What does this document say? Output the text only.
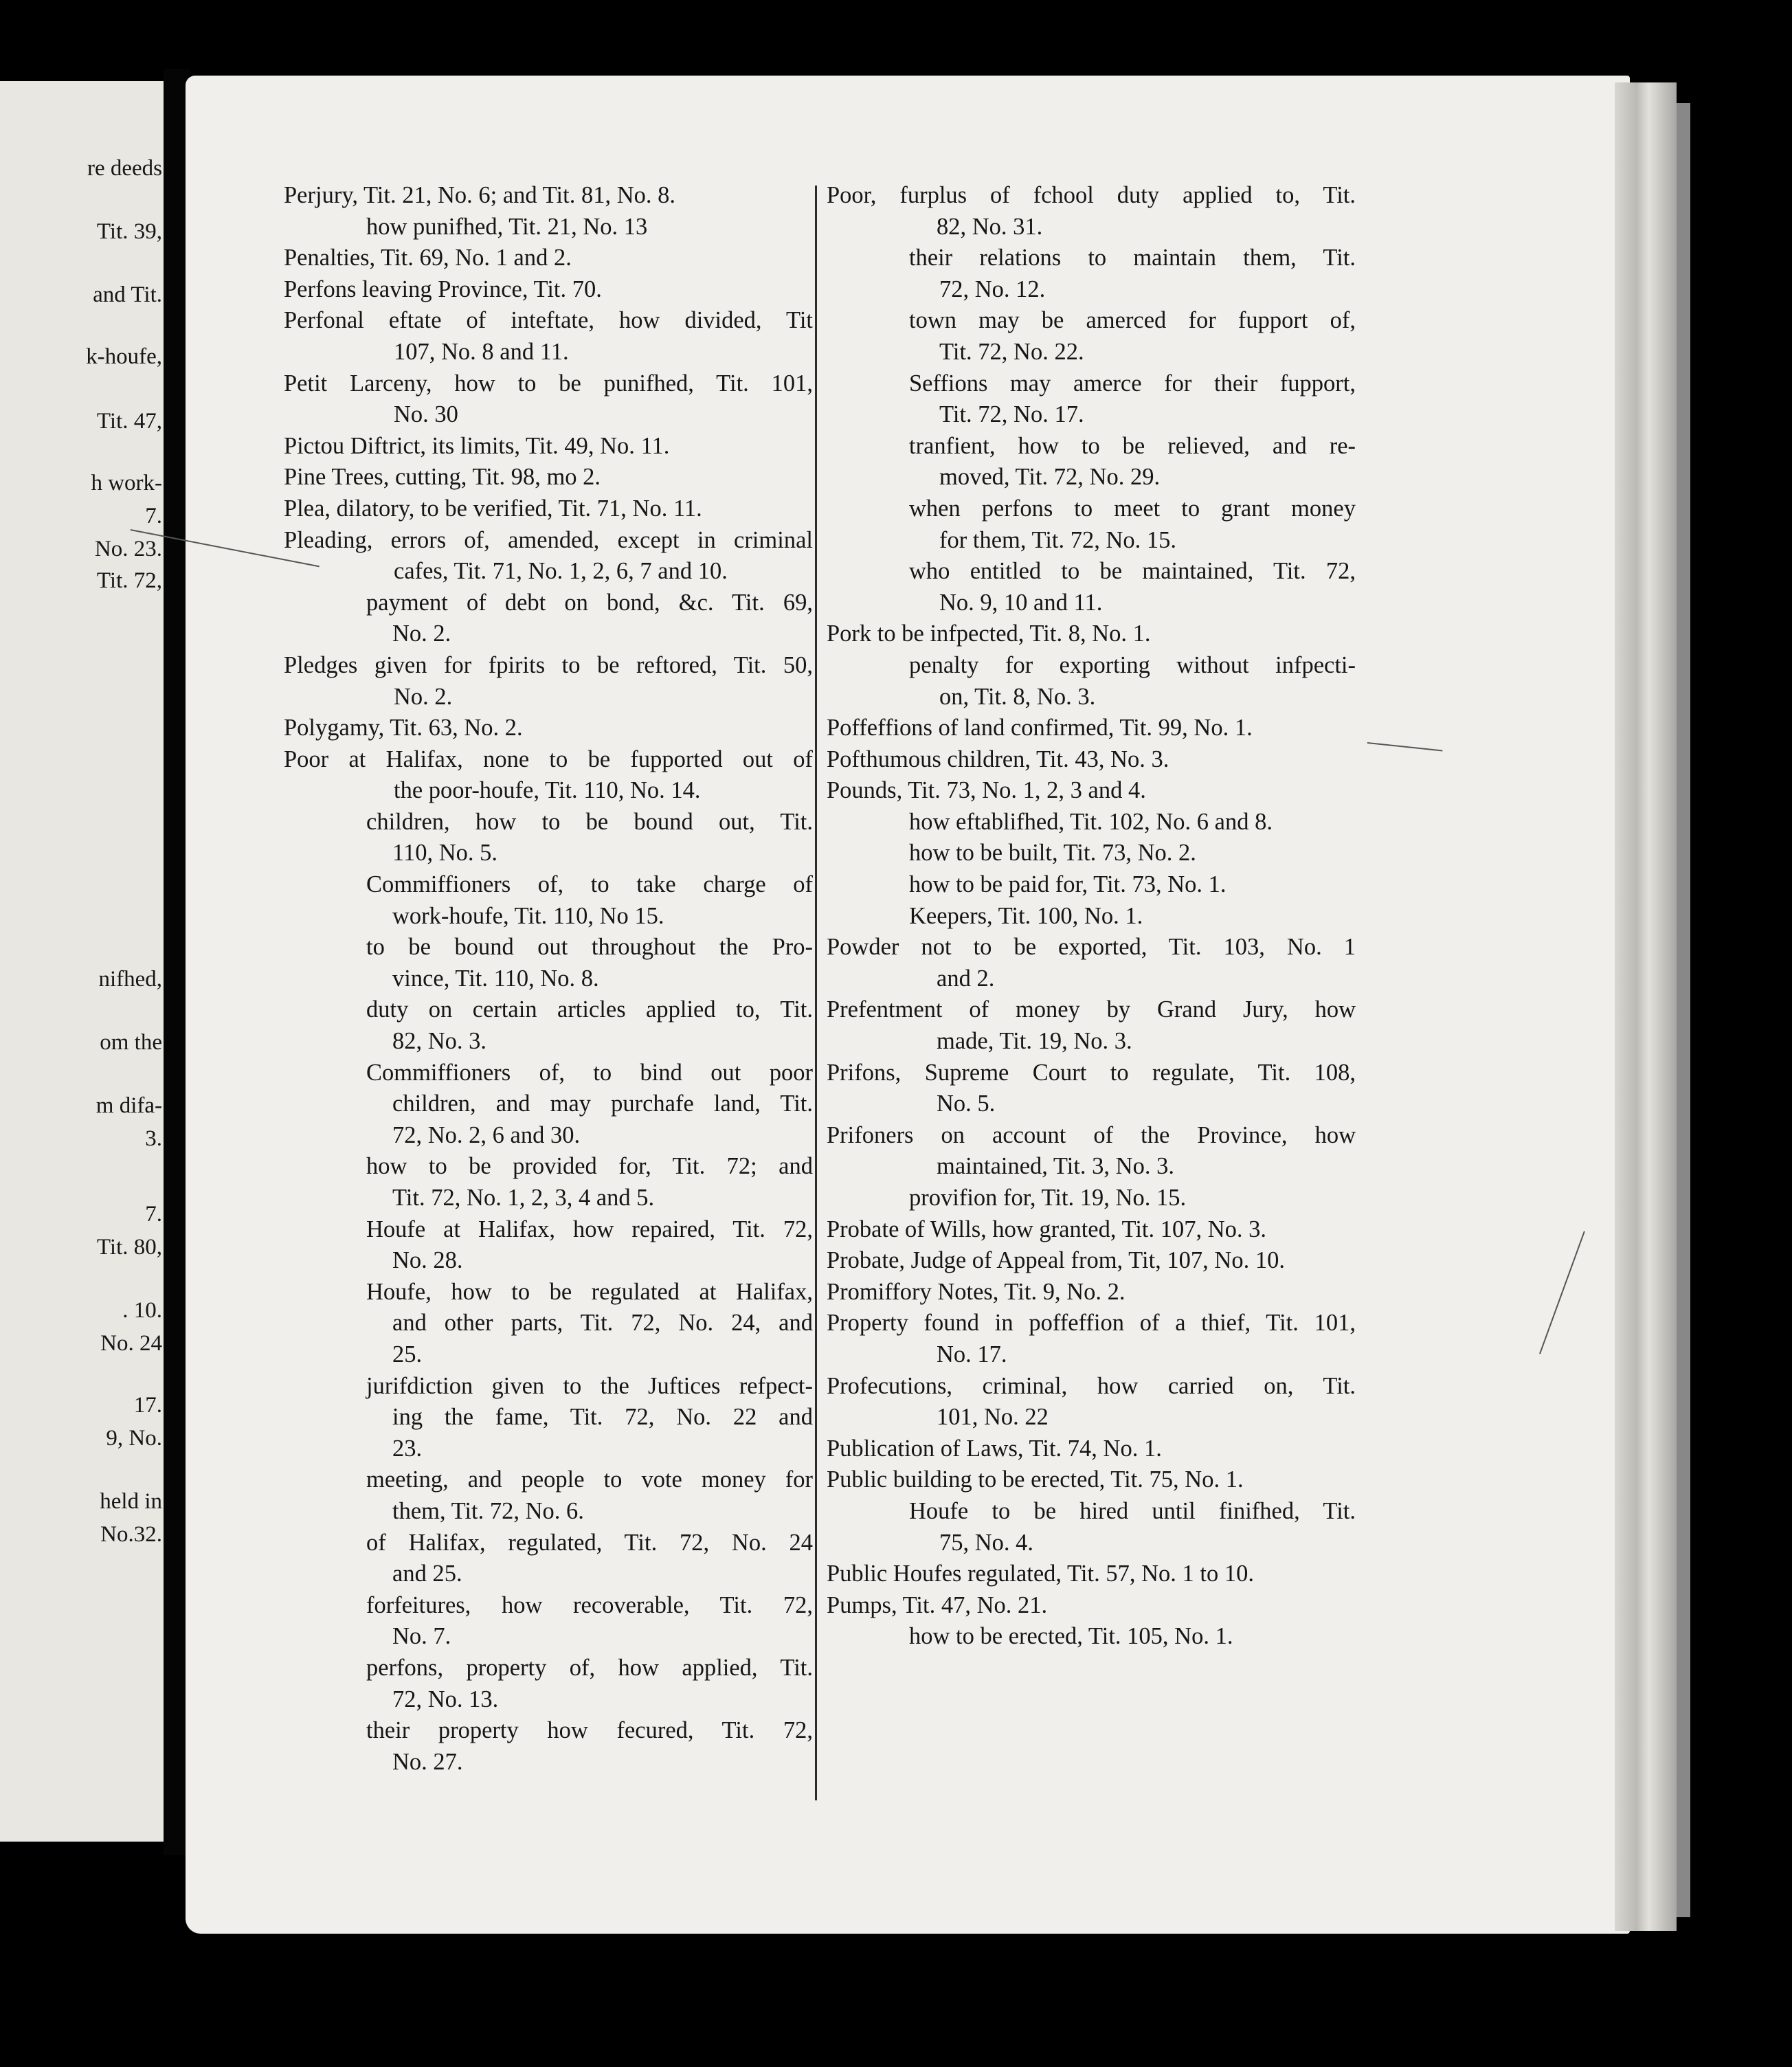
re deeds
Tit. 39,
and Tit.
k-houfe,
Tit. 47,
h work-
7.
No. 23.
Tit. 72,
nifhed,
om the
m difa-
3.
7.
Tit. 80,
. 10.
No. 24
17.
9, No.
held in
No.32.
Perjury, Tit. 21, No. 6; and Tit. 81, No. 8.
how punifhed, Tit. 21, No. 13
Penalties, Tit. 69, No. 1 and 2.
Perfons leaving Province, Tit. 70.
Perfonal eftate of inteftate, how divided, Tit
107, No. 8 and 11.
Petit Larceny, how to be punifhed, Tit. 101,
No. 30
Pictou Diftrict, its limits, Tit. 49, No. 11.
Pine Trees, cutting, Tit. 98, mo 2.
Plea, dilatory, to be verified, Tit. 71, No. 11.
Pleading, errors of, amended, except in criminal
cafes, Tit. 71, No. 1, 2, 6, 7 and 10.
payment of debt on bond, &c. Tit. 69,
No. 2.
Pledges given for fpirits to be reftored, Tit. 50,
No. 2.
Polygamy, Tit. 63, No. 2.
Poor at Halifax, none to be fupported out of
the poor-houfe, Tit. 110, No. 14.
children, how to be bound out, Tit.
110, No. 5.
Commiffioners of, to take charge of
work-houfe, Tit. 110, No 15.
to be bound out throughout the Pro-
vince, Tit. 110, No. 8.
duty on certain articles applied to, Tit.
82, No. 3.
Commiffioners of, to bind out poor
children, and may purchafe land, Tit.
72, No. 2, 6 and 30.
how to be provided for, Tit. 72; and
Tit. 72, No. 1, 2, 3, 4 and 5.
Houfe at Halifax, how repaired, Tit. 72,
No. 28.
Houfe, how to be regulated at Halifax,
and other parts, Tit. 72, No. 24, and
25.
jurifdiction given to the Juftices refpect-
ing the fame, Tit. 72, No. 22 and
23.
meeting, and people to vote money for
them, Tit. 72, No. 6.
of Halifax, regulated, Tit. 72, No. 24
and 25.
forfeitures, how recoverable, Tit. 72,
No. 7.
perfons, property of, how applied, Tit.
72, No. 13.
their property how fecured, Tit. 72,
No. 27.
Poor, furplus of fchool duty applied to, Tit.
82, No. 31.
their relations to maintain them, Tit.
72, No. 12.
town may be amerced for fupport of,
Tit. 72, No. 22.
Seffions may amerce for their fupport,
Tit. 72, No. 17.
tranfient, how to be relieved, and re-
moved, Tit. 72, No. 29.
when perfons to meet to grant money
for them, Tit. 72, No. 15.
who entitled to be maintained, Tit. 72,
No. 9, 10 and 11.
Pork to be infpected, Tit. 8, No. 1.
penalty for exporting without infpecti-
on, Tit. 8, No. 3.
Poffeffions of land confirmed, Tit. 99, No. 1.
Pofthumous children, Tit. 43, No. 3.
Pounds, Tit. 73, No. 1, 2, 3 and 4.
how eftablifhed, Tit. 102, No. 6 and 8.
how to be built, Tit. 73, No. 2.
how to be paid for, Tit. 73, No. 1.
Keepers, Tit. 100, No. 1.
Powder not to be exported, Tit. 103, No. 1
and 2.
Prefentment of money by Grand Jury, how
made, Tit. 19, No. 3.
Prifons, Supreme Court to regulate, Tit. 108,
No. 5.
Prifoners on account of the Province, how
maintained, Tit. 3, No. 3.
provifion for, Tit. 19, No. 15.
Probate of Wills, how granted, Tit. 107, No. 3.
Probate, Judge of Appeal from, Tit, 107, No. 10.
Promiffory Notes, Tit. 9, No. 2.
Property found in poffeffion of a thief, Tit. 101,
No. 17.
Profecutions, criminal, how carried on, Tit.
101, No. 22
Publication of Laws, Tit. 74, No. 1.
Public building to be erected, Tit. 75, No. 1.
Houfe to be hired until finifhed, Tit.
75, No. 4.
Public Houfes regulated, Tit. 57, No. 1 to 10.
Pumps, Tit. 47, No. 21.
how to be erected, Tit. 105, No. 1.
